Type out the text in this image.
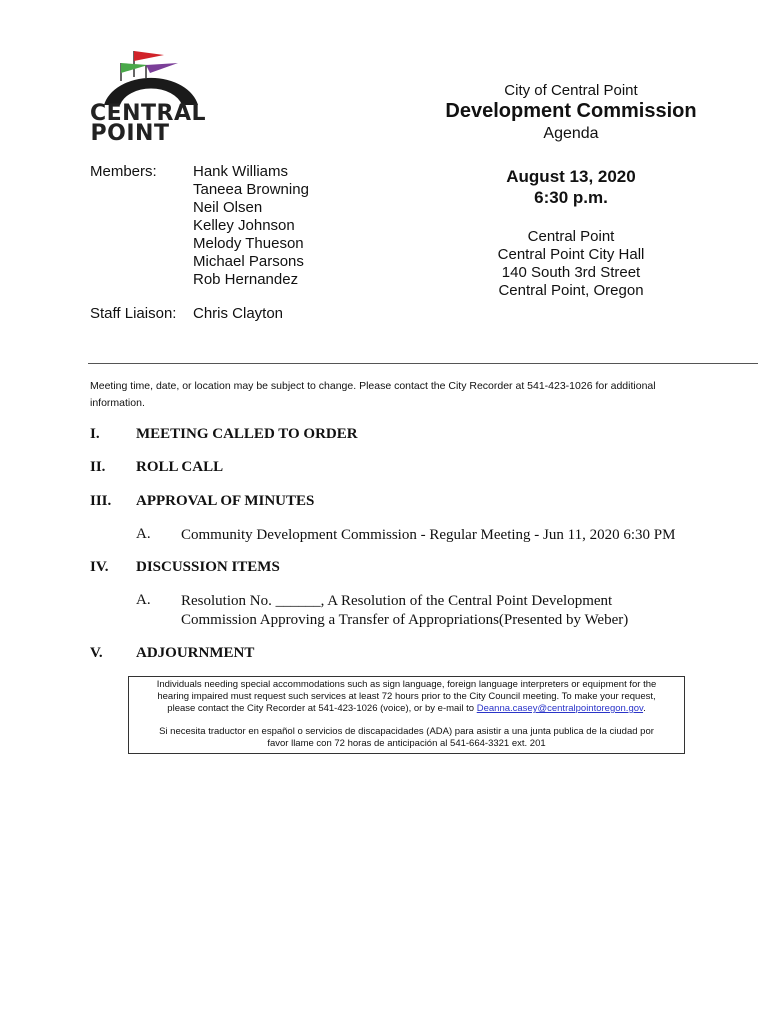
CENTRAL
POINT
City of Central Point
Development Commission
Agenda
August 13, 2020
6:30 p.m.
Central Point
Central Point City Hall
140 South 3rd Street
Central Point, Oregon
Members: Hank Williams
Taneea Browning
Neil Olsen
Kelley Johnson
Melody Thueson
Michael Parsons
Rob Hernandez
Staff Liaison: Chris Clayton
Meeting time, date, or location may be subject to change. Please contact the City Recorder at 541-423-1026 for additional
information.
I. MEETING CALLED TO ORDER
II. ROLL CALL
III. APPROVAL OF MINUTES
A. Community Development Commission - Regular Meeting - Jun 11, 2020 6:30 PM
IV. DISCUSSION ITEMS
A. Resolution No. ______, A Resolution of the Central Point Development
Commission Approving a Transfer of Appropriations(Presented by Weber)
V. ADJOURNMENT
Individuals needing special accommodations such as sign language, foreign language interpreters or equipment for the
hearing impaired must request such services at least 72 hours prior to the City Council meeting. To make your request,
please contact the City Recorder at 541-423-1026 (voice), or by e-mail to Deanna.casey@centralpointoregon.gov.
Si necesita traductor en español o servicios de discapacidades (ADA) para asistir a una junta publica de la ciudad por
favor llame con 72 horas de anticipación al 541-664-3321 ext. 201
